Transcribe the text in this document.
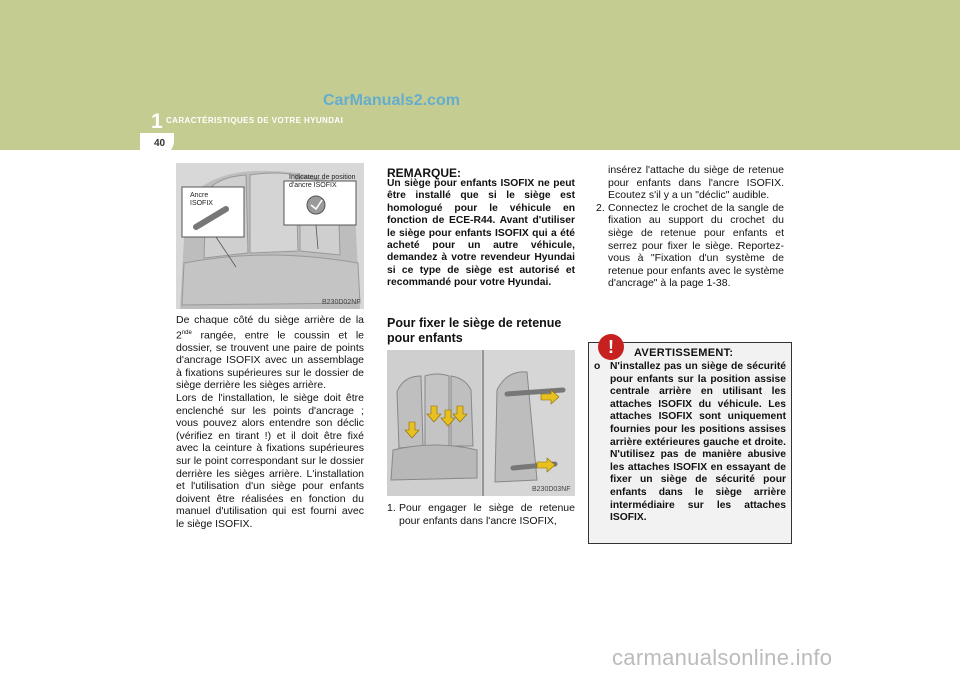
1 CARACTÉRISTIQUES DE VOTRE HYUNDAI
CarManuals2.com
40
Ancre
ISOFIX
Indicateur de position
d'ancre ISOFIX
B230D02NF
De chaque côté du siège arrière de la 2nde rangée, entre le coussin et le dossier, se trouvent une paire de points d'ancrage ISOFIX avec un assemblage à fixations supérieures sur le dossier de siège derrière les sièges arrière.
Lors de l'installation, le siège doit être enclenché sur les points d'ancrage ; vous pouvez alors entendre son déclic (vérifiez en tirant !) et il doit être fixé avec la ceinture à fixations supérieures sur le point correspondant sur le dossier derrière les sièges arrière. L'installation et l'utilisation d'un siège pour enfants doivent être réalisées en fonction du manuel d'utilisation qui est fourni avec le siège ISOFIX.
REMARQUE:
Un siège pour enfants ISOFIX ne peut être installé que si le siège est homologué pour le véhicule en fonction de ECE-R44. Avant d'utiliser le siège pour enfants ISOFIX qui a été acheté pour un autre véhicule, demandez à votre revendeur Hyundai si ce type de siège est autorisé et recommandé pour votre Hyundai.
Pour fixer le siège de retenue pour enfants
B230D03NF
1. Pour engager le siège de retenue pour enfants dans l'ancre ISOFIX,
insérez l'attache du siège de retenue pour enfants dans l'ancre ISOFIX. Ecoutez s'il y a un "déclic" audible.
2. Connectez le crochet de la sangle de fixation au support du crochet du siège de retenue pour enfants et serrez pour fixer le siège. Reportez-vous à "Fixation d'un système de retenue pour enfants avec le système d'ancrage" à la page 1-38.
!	AVERTISSEMENT:
o N'installez pas un siège de sécurité pour enfants sur la position assise centrale arrière en utilisant les attaches ISOFIX du véhicule. Les attaches ISOFIX sont uniquement fournies pour les positions assises arrière extérieures gauche et droite. N'utilisez pas de manière abusive les attaches ISOFIX en essayant de fixer un siège de sécurité pour enfants dans le siège arrière intermédiaire sur les attaches ISOFIX.
carmanualsonline.info
